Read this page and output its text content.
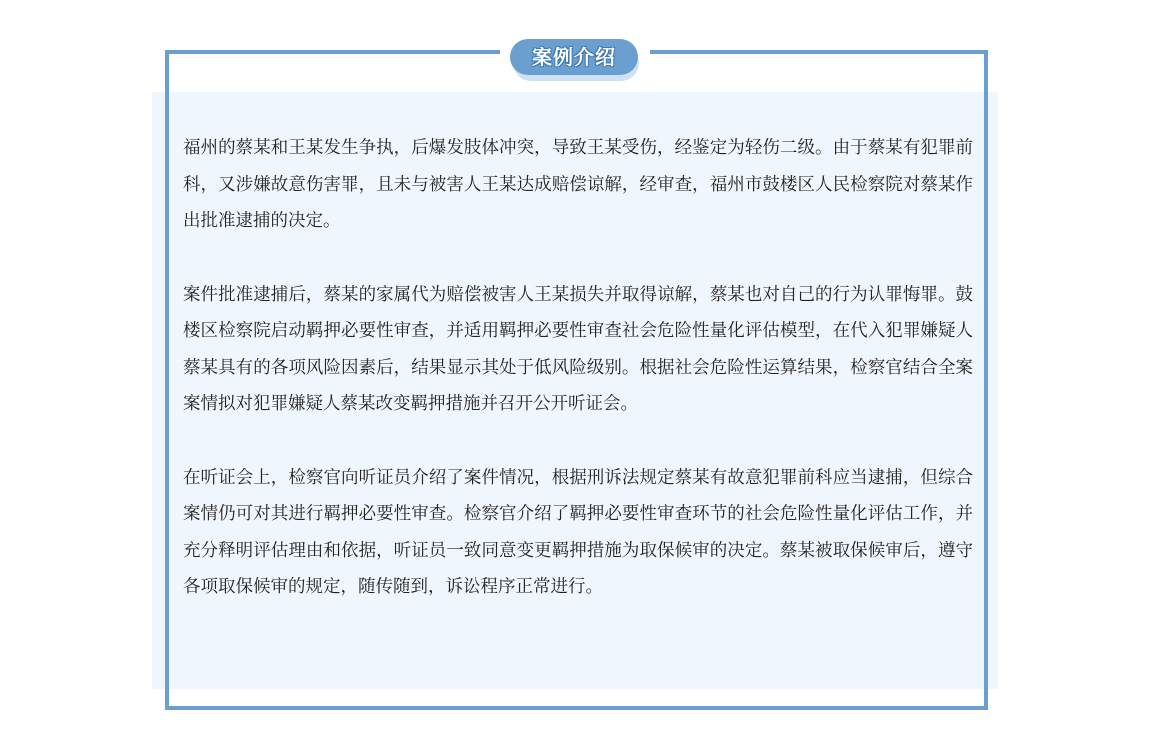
案例介绍

福州的蔡某和王某发生争执，后爆发肢体冲突，导致王某受伤，经鉴定为轻伤二级。由于蔡某有犯罪前科，又涉嫌故意伤害罪，且未与被害人王某达成赔偿谅解，经审查，福州市鼓楼区人民检察院对蔡某作出批准逮捕的决定。

案件批准逮捕后，蔡某的家属代为赔偿被害人王某损失并取得谅解，蔡某也对自己的行为认罪悔罪。鼓楼区检察院启动羁押必要性审查，并适用羁押必要性审查社会危险性量化评估模型，在代入犯罪嫌疑人蔡某具有的各项风险因素后，结果显示其处于低风险级别。根据社会危险性运算结果，检察官结合全案案情拟对犯罪嫌疑人蔡某改变羁押措施并召开公开听证会。

在听证会上，检察官向听证员介绍了案件情况，根据刑诉法规定蔡某有故意犯罪前科应当逮捕，但综合案情仍可对其进行羁押必要性审查。检察官介绍了羁押必要性审查环节的社会危险性量化评估工作，并充分释明评估理由和依据，听证员一致同意变更羁押措施为取保候审的决定。蔡某被取保候审后，遵守各项取保候审的规定，随传随到，诉讼程序正常进行。
